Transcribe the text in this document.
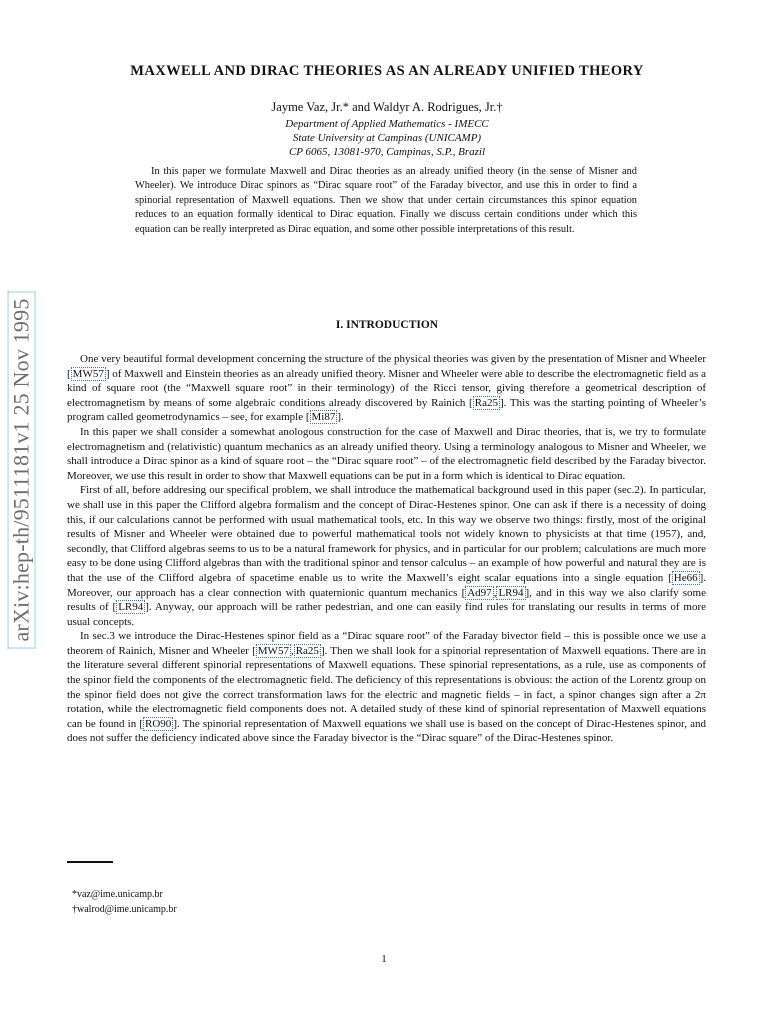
arXiv:hep-th/9511181v1 25 Nov 1995
MAXWELL AND DIRAC THEORIES AS AN ALREADY UNIFIED THEORY
Jayme Vaz, Jr.* and Waldyr A. Rodrigues, Jr.†
Department of Applied Mathematics - IMECC
State University at Campinas (UNICAMP)
CP 6065, 13081-970, Campinas, S.P., Brazil

In this paper we formulate Maxwell and Dirac theories as an already unified theory (in the sense of Misner and Wheeler). We introduce Dirac spinors as “Dirac square root” of the Faraday bivector, and use this in order to find a spinorial representation of Maxwell equations. Then we show that under certain circumstances this spinor equation reduces to an equation formally identical to Dirac equation. Finally we discuss certain conditions under which this equation can be really interpreted as Dirac equation, and some other possible interpretations of this result.

I. INTRODUCTION

One very beautiful formal development concerning the structure of the physical theories was given by the presentation of Misner and Wheeler [ MW57 ] of Maxwell and Einstein theories as an already unified theory. Misner and Wheeler were able to describe the electromagnetic field as a kind of square root (the “Maxwell square root” in their terminology) of the Ricci tensor, giving therefore a geometrical description of electromagnetism by means of some algebraic conditions already discovered by Rainich [ Ra25 ]. This was the starting pointing of Wheeler’s program called geometrodynamics – see, for example [ Mi87 ].

In this paper we shall consider a somewhat anologous construction for the case of Maxwell and Dirac theories, that is, we try to formulate electromagnetism and (relativistic) quantum mechanics as an already unified theory. Using a terminology analogous to Misner and Wheeler, we shall introduce a Dirac spinor as a kind of square root – the “Dirac square root” – of the electromagnetic field described by the Faraday bivector. Moreover, we use this result in order to show that Maxwell equations can be put in a form which is identical to Dirac equation.

First of all, before addresing our specifical problem, we shall introduce the mathematical background used in this paper (sec.2). In particular, we shall use in this paper the Clifford algebra formalism and the concept of Dirac-Hestenes spinor. One can ask if there is a necessity of doing this, if our calculations cannot be performed with usual mathematical tools, etc. In this way we observe two things: firstly, most of the original results of Misner and Wheeler were obtained due to powerful mathematical tools not widely known to physicists at that time (1957), and, secondly, that Clifford algebras seems to us to be a natural framework for physics, and in particular for our problem; calculations are much more easy to be done using Clifford algebras than with the traditional spinor and tensor calculus – an example of how powerful and natural they are is that the use of the Clifford algebra of spacetime enable us to write the Maxwell’s eight scalar equations into a single equation [ He66 ]. Moreover, our approach has a clear connection with quaternionic quantum mechanics [ Ad97 , LR94 ], and in this way we also clarify some results of [ LR94 ]. Anyway, our approach will be rather pedestrian, and one can easily find rules for translating our results in terms of more usual concepts.

In sec.3 we introduce the Dirac-Hestenes spinor field as a “Dirac square root” of the Faraday bivector field – this is possible once we use a theorem of Rainich, Misner and Wheeler [ MW57 , Ra25 ]. Then we shall look for a spinorial representation of Maxwell equations. There are in the literature several different spinorial representations of Maxwell equations. These spinorial representations, as a rule, use as components of the spinor field the components of the electromagnetic field. The deficiency of this representations is obvious: the action of the Lorentz group on the spinor field does not give the correct transformation laws for the electric and magnetic fields – in fact, a spinor changes sign after a 2π rotation, while the electromagnetic field components does not. A detailed study of these kind of spinorial representation of Maxwell equations can be found in [ RO90 ]. The spinorial representation of Maxwell equations we shall use is based on the concept of Dirac-Hestenes spinor, and does not suffer the deficiency indicated above since the Faraday bivector is the “Dirac square” of the Dirac-Hestenes spinor.

*vaz@ime.unicamp.br
†walrod@ime.unicamp.br
1
